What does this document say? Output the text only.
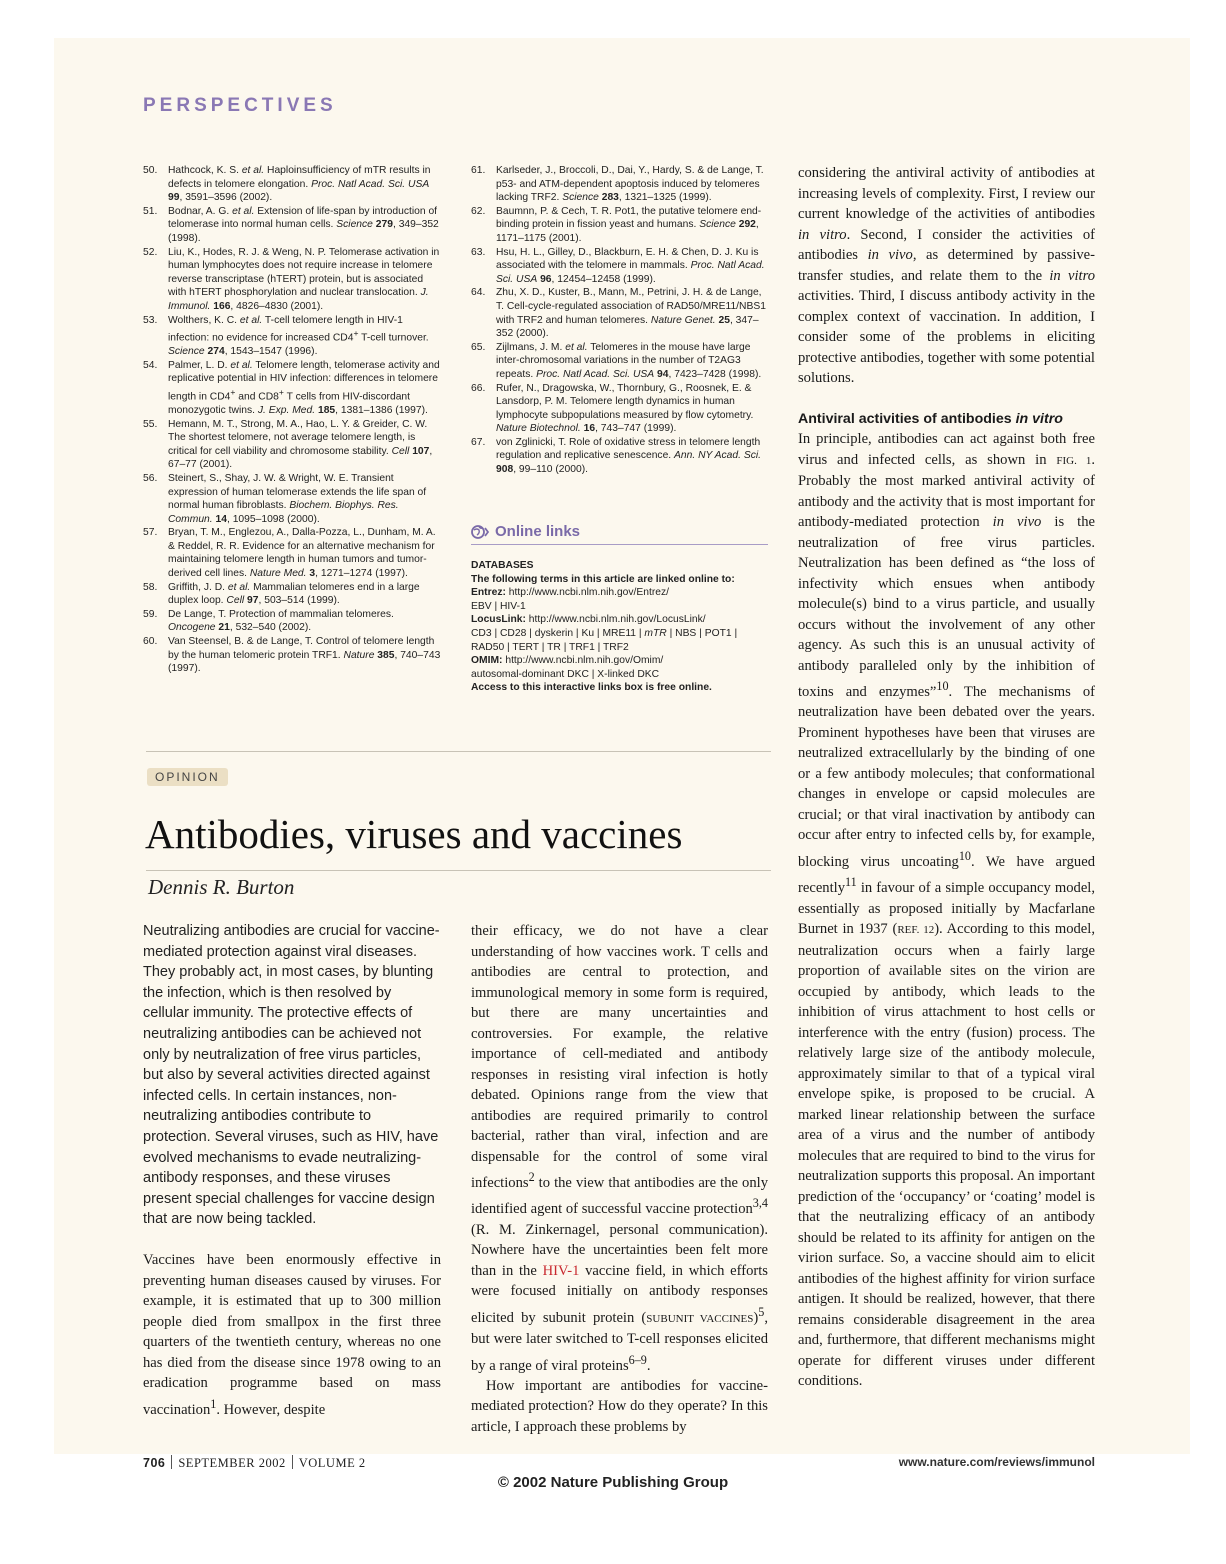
PERSPECTIVES
50.	Hathcock, K. S. et al. Haploinsufficiency of mTR results in defects in telomere elongation. Proc. Natl Acad. Sci. USA 99, 3591–3596 (2002).
51.	Bodnar, A. G. et al. Extension of life-span by introduction of telomerase into normal human cells. Science 279, 349–352 (1998).
52.	Liu, K., Hodes, R. J. & Weng, N. P. Telomerase activation in human lymphocytes does not require increase in telomere reverse transcriptase (hTERT) protein, but is associated with hTERT phosphorylation and nuclear translocation. J. Immunol. 166, 4826–4830 (2001).
53.	Wolthers, K. C. et al. T-cell telomere length in HIV-1 infection: no evidence for increased CD4+ T-cell turnover. Science 274, 1543–1547 (1996).
54.	Palmer, L. D. et al. Telomere length, telomerase activity and replicative potential in HIV infection: differences in telomere length in CD4+ and CD8+ T cells from HIV-discordant monozygotic twins. J. Exp. Med. 185, 1381–1386 (1997).
55.	Hemann, M. T., Strong, M. A., Hao, L. Y. & Greider, C. W. The shortest telomere, not average telomere length, is critical for cell viability and chromosome stability. Cell 107, 67–77 (2001).
56.	Steinert, S., Shay, J. W. & Wright, W. E. Transient expression of human telomerase extends the life span of normal human fibroblasts. Biochem. Biophys. Res. Commun. 14, 1095–1098 (2000).
57.	Bryan, T. M., Englezou, A., Dalla-Pozza, L., Dunham, M. A. & Reddel, R. R. Evidence for an alternative mechanism for maintaining telomere length in human tumors and tumor-derived cell lines. Nature Med. 3, 1271–1274 (1997).
58.	Griffith, J. D. et al. Mammalian telomeres end in a large duplex loop. Cell 97, 503–514 (1999).
59.	De Lange, T. Protection of mammalian telomeres. Oncogene 21, 532–540 (2002).
60.	Van Steensel, B. & de Lange, T. Control of telomere length by the human telomeric protein TRF1. Nature 385, 740–743 (1997).
61.	Karlseder, J., Broccoli, D., Dai, Y., Hardy, S. & de Lange, T. p53- and ATM-dependent apoptosis induced by telomeres lacking TRF2. Science 283, 1321–1325 (1999).
62.	Baumnn, P. & Cech, T. R. Pot1, the putative telomere end-binding protein in fission yeast and humans. Science 292, 1171–1175 (2001).
63.	Hsu, H. L., Gilley, D., Blackburn, E. H. & Chen, D. J. Ku is associated with the telomere in mammals. Proc. Natl Acad. Sci. USA 96, 12454–12458 (1999).
64.	Zhu, X. D., Kuster, B., Mann, M., Petrini, J. H. & de Lange, T. Cell-cycle-regulated association of RAD50/MRE11/NBS1 with TRF2 and human telomeres. Nature Genet. 25, 347–352 (2000).
65.	Zijlmans, J. M. et al. Telomeres in the mouse have large inter-chromosomal variations in the number of T2AG3 repeats. Proc. Natl Acad. Sci. USA 94, 7423–7428 (1998).
66.	Rufer, N., Dragowska, W., Thornbury, G., Roosnek, E. & Lansdorp, P. M. Telomere length dynamics in human lymphocyte subpopulations measured by flow cytometry. Nature Biotechnol. 16, 743–747 (1999).
67.	von Zglinicki, T. Role of oxidative stress in telomere length regulation and replicative senescence. Ann. NY Acad. Sci. 908, 99–110 (2000).
Online links
DATABASES
The following terms in this article are linked online to:
Entrez: http://www.ncbi.nlm.nih.gov/Entrez/
EBV | HIV-1
LocusLink: http://www.ncbi.nlm.nih.gov/LocusLink/
CD3 | CD28 | dyskerin | Ku | MRE11 | mTR | NBS | POT1 | RAD50 | TERT | TR | TRF1 | TRF2
OMIM: http://www.ncbi.nlm.nih.gov/Omim/
autosomal-dominant DKC | X-linked DKC
Access to this interactive links box is free online.
OPINION
Antibodies, viruses and vaccines
Dennis R. Burton

Neutralizing antibodies are crucial for vaccine-mediated protection against viral diseases. They probably act, in most cases, by blunting the infection, which is then resolved by cellular immunity. The protective effects of neutralizing antibodies can be achieved not only by neutralization of free virus particles, but also by several activities directed against infected cells. In certain instances, non-neutralizing antibodies contribute to protection. Several viruses, such as HIV, have evolved mechanisms to evade neutralizing-antibody responses, and these viruses present special challenges for vaccine design that are now being tackled.

Vaccines have been enormously effective in preventing human diseases caused by viruses. For example, it is estimated that up to 300 million people died from smallpox in the first three quarters of the twentieth century, whereas no one has died from the disease since 1978 owing to an eradication programme based on mass vaccination$^1$. However, despite

their efficacy, we do not have a clear understanding of how vaccines work. T cells and antibodies are central to protection, and immunological memory in some form is required, but there are many uncertainties and controversies. For example, the relative importance of cell-mediated and antibody responses in resisting viral infection is hotly debated. Opinions range from the view that antibodies are required primarily to control bacterial, rather than viral, infection and are dispensable for the control of some viral infections$^2$ to the view that antibodies are the only identified agent of successful vaccine protection$^{3,4}$ (R. M. Zinkernagel, personal communication). Nowhere have the uncertainties been felt more than in the HIV-1 vaccine field, in which efforts were focused initially on antibody responses elicited by subunit protein (SUBUNIT VACCINES)$^5$, but were later switched to T-cell responses elicited by a range of viral proteins$^{6-9}$.

How important are antibodies for vaccine-mediated protection? How do they operate? In this article, I approach these problems by

considering the antiviral activity of antibodies at increasing levels of complexity. First, I review our current knowledge of the activities of antibodies in vitro. Second, I consider the activities of antibodies in vivo, as determined by passive-transfer studies, and relate them to the in vitro activities. Third, I discuss antibody activity in the complex context of vaccination. In addition, I consider some of the problems in eliciting protective antibodies, together with some potential solutions.

Antiviral activities of antibodies in vitro

In principle, antibodies can act against both free virus and infected cells, as shown in FIG. 1. Probably the most marked antiviral activity of antibody and the activity that is most important for antibody-mediated protection in vivo is the neutralization of free virus particles. Neutralization has been defined as “the loss of infectivity which ensues when antibody molecule(s) bind to a virus particle, and usually occurs without the involvement of any other agency. As such this is an unusual activity of antibody paralleled only by the inhibition of toxins and enzymes”$^{10}$. The mechanisms of neutralization have been debated over the years. Prominent hypotheses have been that viruses are neutralized extracellularly by the binding of one or a few antibody molecules; that conformational changes in envelope or capsid molecules are crucial; or that viral inactivation by antibody can occur after entry to infected cells by, for example, blocking virus uncoating$^{10}$. We have argued recently$^{11}$ in favour of a simple occupancy model, essentially as proposed initially by Macfarlane Burnet in 1937 (REF. 12). According to this model, neutralization occurs when a fairly large proportion of available sites on the virion are occupied by antibody, which leads to the inhibition of virus attachment to host cells or interference with the entry (fusion) process. The relatively large size of the antibody molecule, approximately similar to that of a typical viral envelope spike, is proposed to be crucial. A marked linear relationship between the surface area of a virus and the number of antibody molecules that are required to bind to the virus for neutralization supports this proposal. An important prediction of the ‘occupancy’ or ‘coating’ model is that the neutralizing efficacy of an antibody should be related to its affinity for antigen on the virion surface. So, a vaccine should aim to elicit antibodies of the highest affinity for virion surface antigen. It should be realized, however, that there remains considerable disagreement in the area and, furthermore, that different mechanisms might operate for different viruses under different conditions.

706 SEPTEMBER 2002 VOLUME 2	www.nature.com/reviews/immunol
© 2002 Nature Publishing Group
